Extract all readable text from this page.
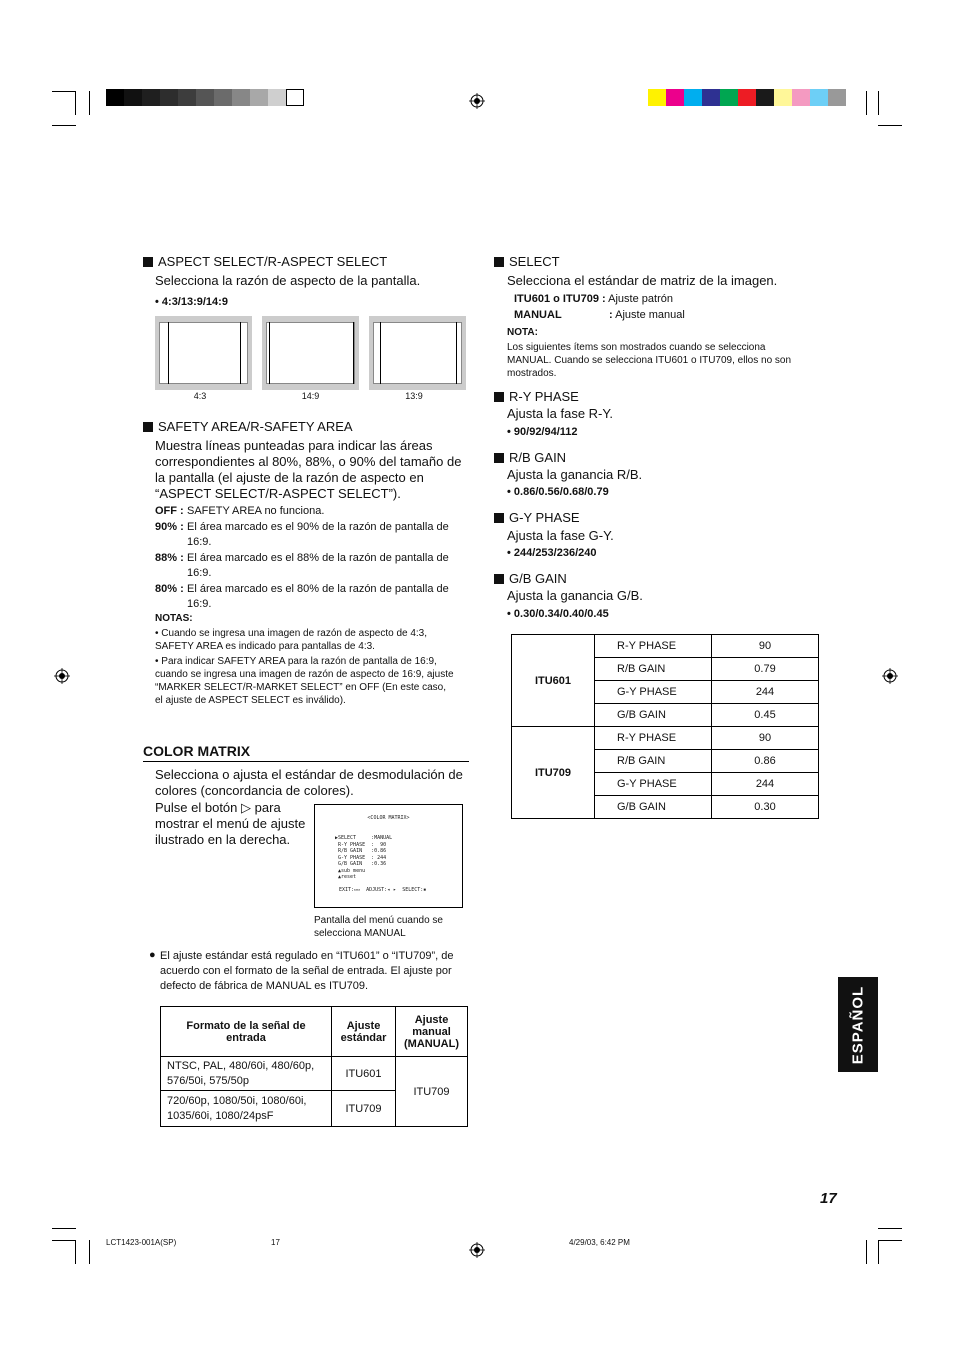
ASPECT SELECT/R-ASPECT SELECT
Selecciona la razón de aspecto de la pantalla.
• 4:3/13:9/14:9
4:3	14:9	13:9
SAFETY AREA/R-SAFETY AREA
Muestra líneas punteadas para indicar las áreas correspondientes al 80%, 88%, o 90% del tamaño de la pantalla (el ajuste de la razón de aspecto en “ASPECT SELECT/R-ASPECT SELECT”).
OFF : SAFETY AREA no funciona.
90% : El área marcado es el 90% de la razón de pantalla de 16:9.
88% : El área marcado es el 88% de la razón de pantalla de 16:9.
80% : El área marcado es el 80% de la razón de pantalla de 16:9.
NOTAS:
• Cuando se ingresa una imagen de razón de aspecto de 4:3, SAFETY AREA es indicado para pantallas de 4:3.
• Para indicar SAFETY AREA para la razón de pantalla de 16:9, cuando se ingresa una imagen de razón de aspecto de 16:9, ajuste “MARKER SELECT/R-MARKET SELECT” en OFF (En este caso, el ajuste de ASPECT SELECT es inválido).
COLOR MATRIX
Selecciona o ajusta el estándar de desmodulación de colores (concordancia de colores).
Pulse el botón ▷ para mostrar el menú de ajuste ilustrado en la derecha.
<COLOR MATRIX>
▶SELECT     :MANUAL
R-Y PHASE  :  90
R/B GAIN   :0.86
G-Y PHASE  : 244
G/B GAIN   :0.36
▲sub menu
▲reset
EXIT:▭▭  ADJUST:◂ ▸  SELECT:▪
Pantalla del menú cuando se selecciona MANUAL
● El ajuste estándar está regulado en “ITU601” o “ITU709”, de acuerdo con el formato de la señal de entrada. El ajuste por defecto de fábrica de MANUAL es ITU709.
Formato de la señal de entrada	Ajuste estándar	Ajuste manual (MANUAL)
NTSC, PAL, 480/60i, 480/60p, 576/50i, 575/50p	ITU601	ITU709
720/60p, 1080/50i, 1080/60i, 1035/60i, 1080/24psF	ITU709	
SELECT
Selecciona el estándar de matriz de la imagen.
ITU601 o ITU709 : Ajuste patrón
MANUAL	: Ajuste manual
NOTA:
Los siguientes ítems son mostrados cuando se selecciona MANUAL. Cuando se selecciona ITU601 o ITU709, ellos no son mostrados.
R-Y PHASE
Ajusta la fase R-Y.
• 90/92/94/112
R/B GAIN
Ajusta la ganancia R/B.
• 0.86/0.56/0.68/0.79
G-Y PHASE
Ajusta la fase G-Y.
• 244/253/236/240
G/B GAIN
Ajusta la ganancia G/B.
• 0.30/0.34/0.40/0.45
ITU601	R-Y PHASE	90
	R/B GAIN	0.79
	G-Y PHASE	244
	G/B GAIN	0.45
ITU709	R-Y PHASE	90
	R/B GAIN	0.86
	G-Y PHASE	244
	G/B GAIN	0.30
ESPAÑOL
17
LCT1423-001A(SP)	17	4/29/03, 6:42 PM
